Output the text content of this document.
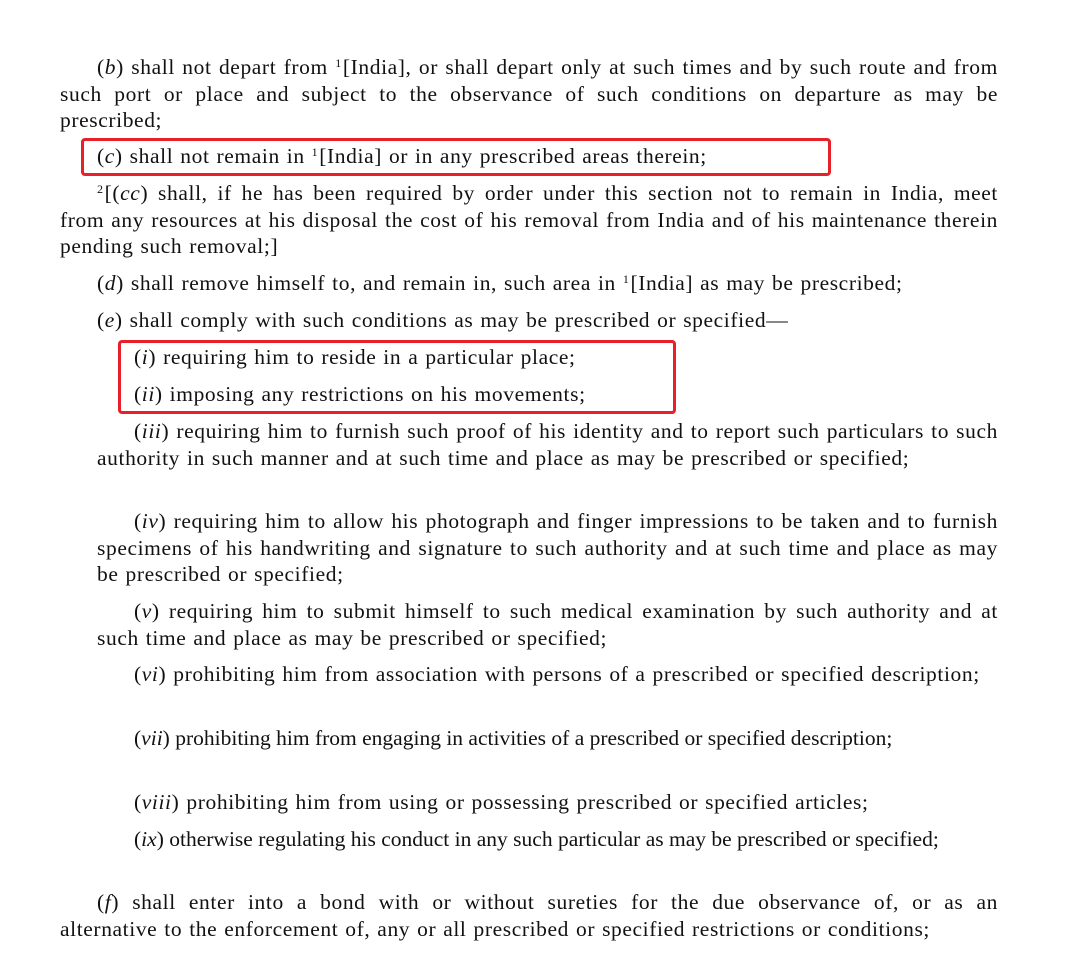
(b) shall not depart from $^1$[India], or shall depart only at such times and by such route and from such port or place and subject to the observance of such conditions on departure as may be prescribed;

(c) shall not remain in $^1$[India] or in any prescribed areas therein;

$^2$[(cc) shall, if he has been required by order under this section not to remain in India, meet from any resources at his disposal the cost of his removal from India and of his maintenance therein pending such removal;]

(d) shall remove himself to, and remain in, such area in $^1$[India] as may be prescribed;

(e) shall comply with such conditions as may be prescribed or specified—

(i) requiring him to reside in a particular place;

(ii) imposing any restrictions on his movements;

(iii) requiring him to furnish such proof of his identity and to report such particulars to such authority in such manner and at such time and place as may be prescribed or specified;

(iv) requiring him to allow his photograph and finger impressions to be taken and to furnish specimens of his handwriting and signature to such authority and at such time and place as may be prescribed or specified;

(v) requiring him to submit himself to such medical examination by such authority and at such time and place as may be prescribed or specified;

(vi) prohibiting him from association with persons of a prescribed or specified description;

(vii) prohibiting him from engaging in activities of a prescribed or specified description;

(viii) prohibiting him from using or possessing prescribed or specified articles;

(ix) otherwise regulating his conduct in any such particular as may be prescribed or specified;

(f) shall enter into a bond with or without sureties for the due observance of, or as an alternative to the enforcement of, any or all prescribed or specified restrictions or conditions;
